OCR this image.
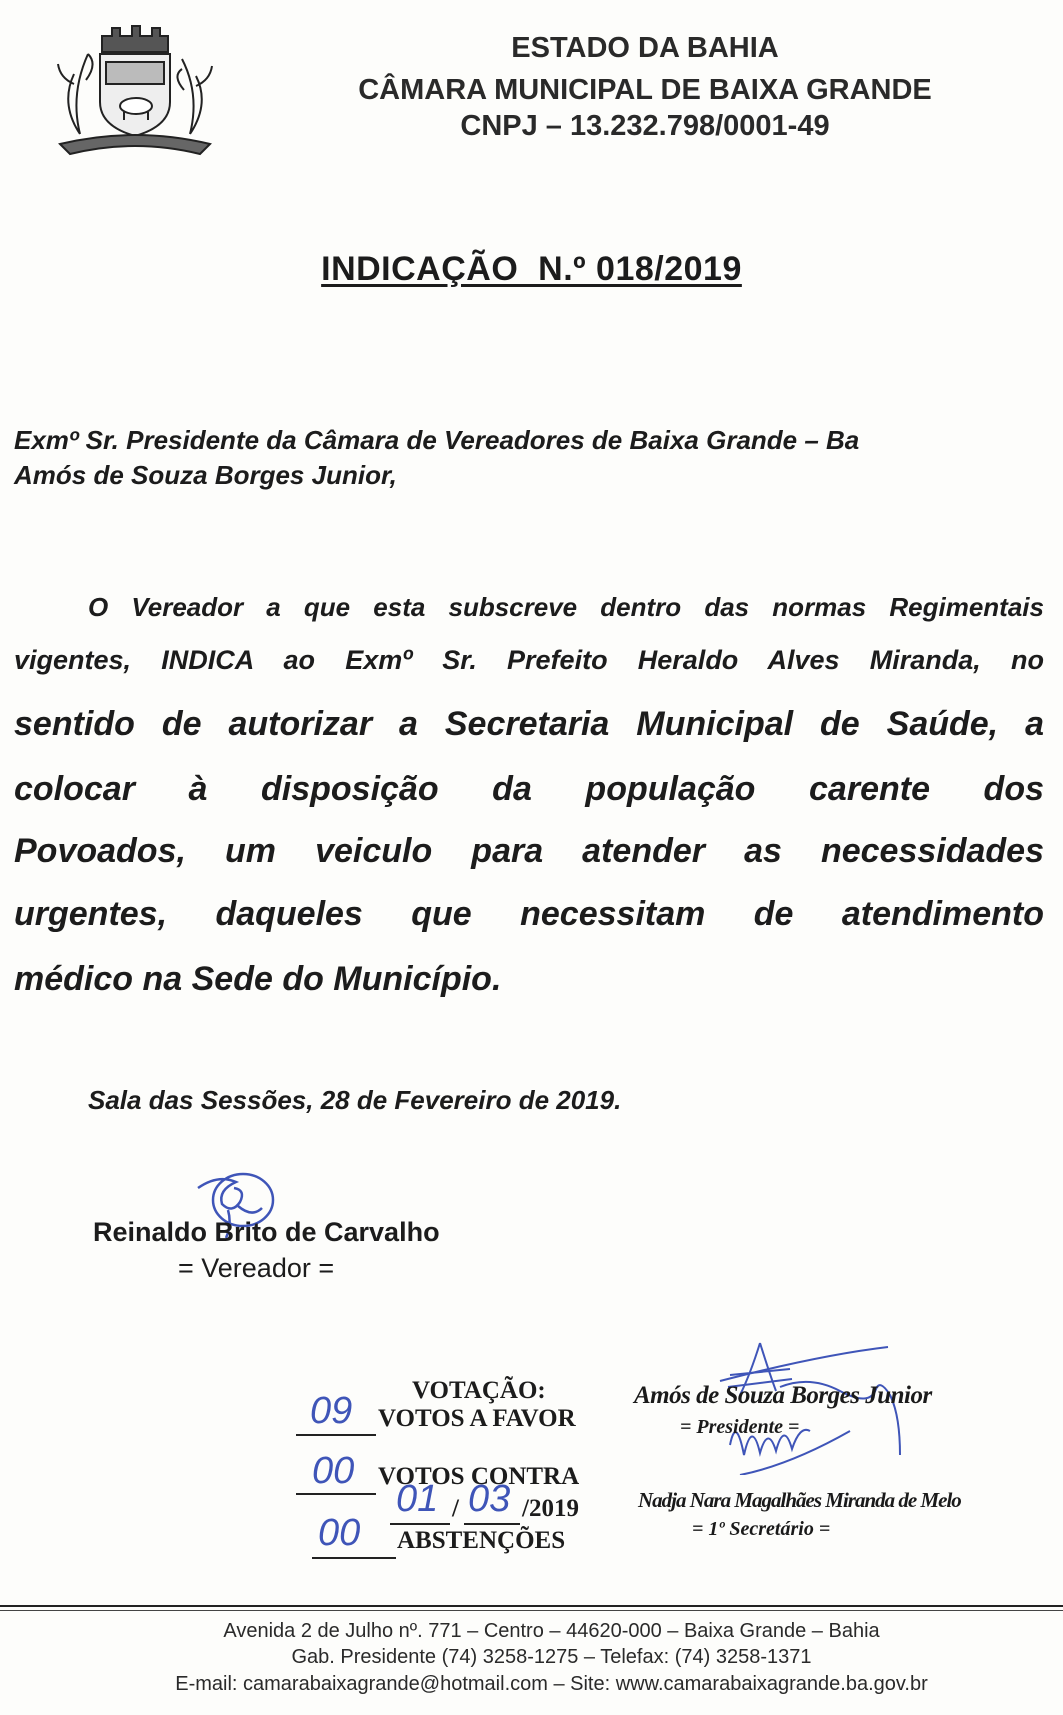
ESTADO DA BAHIA
CÂMARA MUNICIPAL DE BAIXA GRANDE
CNPJ – 13.232.798/0001-49
INDICAÇÃO  N.º 018/2019
Exmº Sr. Presidente da Câmara de Vereadores de Baixa Grande – Ba
Amós de Souza Borges Junior,
O Vereador a que esta subscreve dentro das normas Regimentais
vigentes, INDICA ao Exmº Sr. Prefeito Heraldo Alves Miranda, no
sentido de autorizar a Secretaria Municipal de Saúde, a
colocar à disposição da população carente dos
Povoados, um veiculo para atender as necessidades
urgentes, daqueles que necessitam de atendimento
médico na Sede do Município.
Sala das Sessões, 28 de Fevereiro de 2019.
Reinaldo Brito de Carvalho
= Vereador =
VOTAÇÃO:
09 VOTOS A FAVOR
00 VOTOS CONTRA
01 / 03 /2019
00 ABSTENÇÕES
Amós de Souza Borges Junior
= Presidente =
Nadja Nara Magalhães Miranda de Melo
= 1º Secretário =
Avenida 2 de Julho nº. 771 – Centro – 44620-000 – Baixa Grande – Bahia
Gab. Presidente (74) 3258-1275 – Telefax: (74) 3258-1371
E-mail: camarabaixagrande@hotmail.com – Site: www.camarabaixagrande.ba.gov.br
